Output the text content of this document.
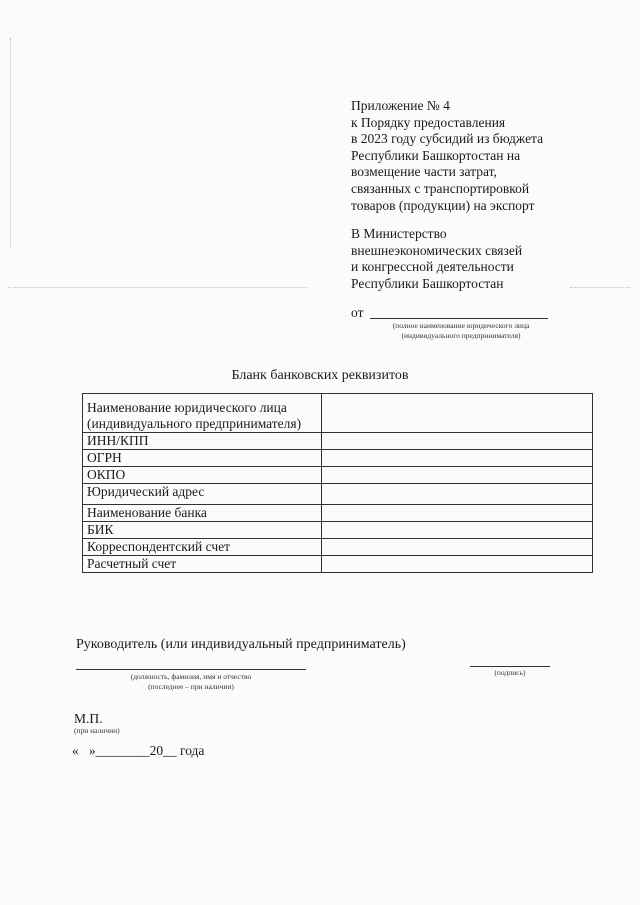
Приложение № 4
к Порядку предоставления
в 2023 году субсидий из бюджета
Республики Башкортостан на
возмещение части затрат,
связанных с транспортировкой
товаров (продукции) на экспорт
В Министерство
внешнеэкономических связей
и конгрессной деятельности
Республики Башкортостан
от
(полное наименование юридического лица
(индивидуального предпринимателя)
Бланк банковских реквизитов
Наименование юридического лица (индивидуального предпринимателя)	
ИНН/КПП	
ОГРН	
ОКПО	
Юридический адрес	
Наименование банка	
БИК	
Корреспондентский счет	
Расчетный счет	
Руководитель (или индивидуальный предприниматель)
(должность, фамилия, имя и отчество
(последнее – при наличии)
(подпись)
М.П.
(при наличии)
«   »________20__ года
